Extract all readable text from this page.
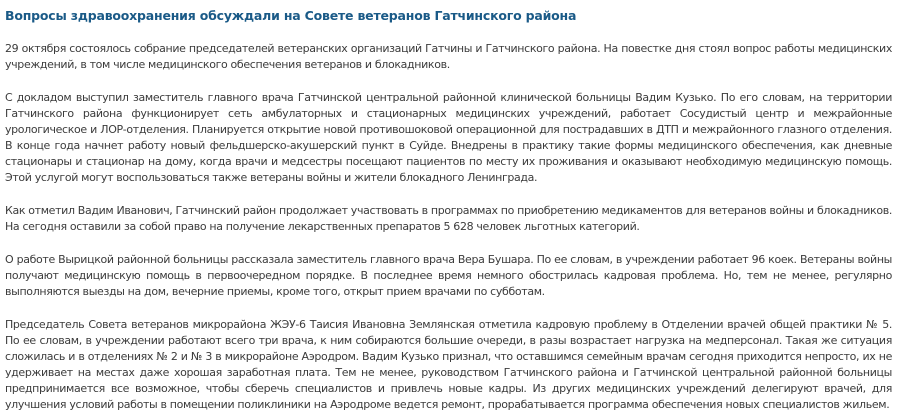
Вопросы здравоохранения обсуждали на Совете ветеранов Гатчинского района

29 октября состоялось собрание председателей ветеранских организаций Гатчины и Гатчинского района. На повестке дня стоял вопрос работы медицинских учреждений, в том числе медицинского обеспечения ветеранов и блокадников.

С докладом выступил заместитель главного врача Гатчинской центральной районной клинической больницы Вадим Кузько. По его словам, на территории Гатчинского района функционирует сеть амбулаторных и стационарных медицинских учреждений, работает Сосудистый центр и межрайонные урологическое и ЛОР-отделения. Планируется открытие новой противошоковой операционной для пострадавших в ДТП и межрайонного глазного отделения. В конце года начнет работу новый фельдшерско-акушерский пункт в Суйде. Внедрены в практику такие формы медицинского обеспечения, как дневные стационары и стационар на дому, когда врачи и медсестры посещают пациентов по месту их проживания и оказывают необходимую медицинскую помощь. Этой услугой могут воспользоваться также ветераны войны и жители блокадного Ленинграда.

Как отметил Вадим Иванович, Гатчинский район продолжает участвовать в программах по приобретению медикаментов для ветеранов войны и блокадников. На сегодня оставили за собой право на получение лекарственных препаратов 5 628 человек льготных категорий.

О работе Вырицкой районной больницы рассказала заместитель главного врача Вера Бушара. По ее словам, в учреждении работает 96 коек. Ветераны войны получают медицинскую помощь в первоочередном порядке. В последнее время немного обострилась кадровая проблема. Но, тем не менее, регулярно выполняются выезды на дом, вечерние приемы, кроме того, открыт прием врачами по субботам.

Председатель Совета ветеранов микрорайона ЖЭУ-6 Таисия Ивановна Землянская отметила кадровую проблему в Отделении врачей общей практики № 5. По ее словам, в учреждении работают всего три врача, к ним собираются большие очереди, в разы возрастает нагрузка на медперсонал. Такая же ситуация сложилась и в отделениях № 2 и № 3 в микрорайоне Аэродром. Вадим Кузько признал, что оставшимся семейным врачам сегодня приходится непросто, их не удерживает на местах даже хорошая заработная плата. Тем не менее, руководством Гатчинского района и Гатчинской центральной районной больницы предпринимается все возможное, чтобы сберечь специалистов и привлечь новые кадры. Из других медицинских учреждений делегируют врачей, для улучшения условий работы в помещении поликлиники на Аэродроме ведется ремонт, прорабатывается программа обеспечения новых специалистов жильем.
